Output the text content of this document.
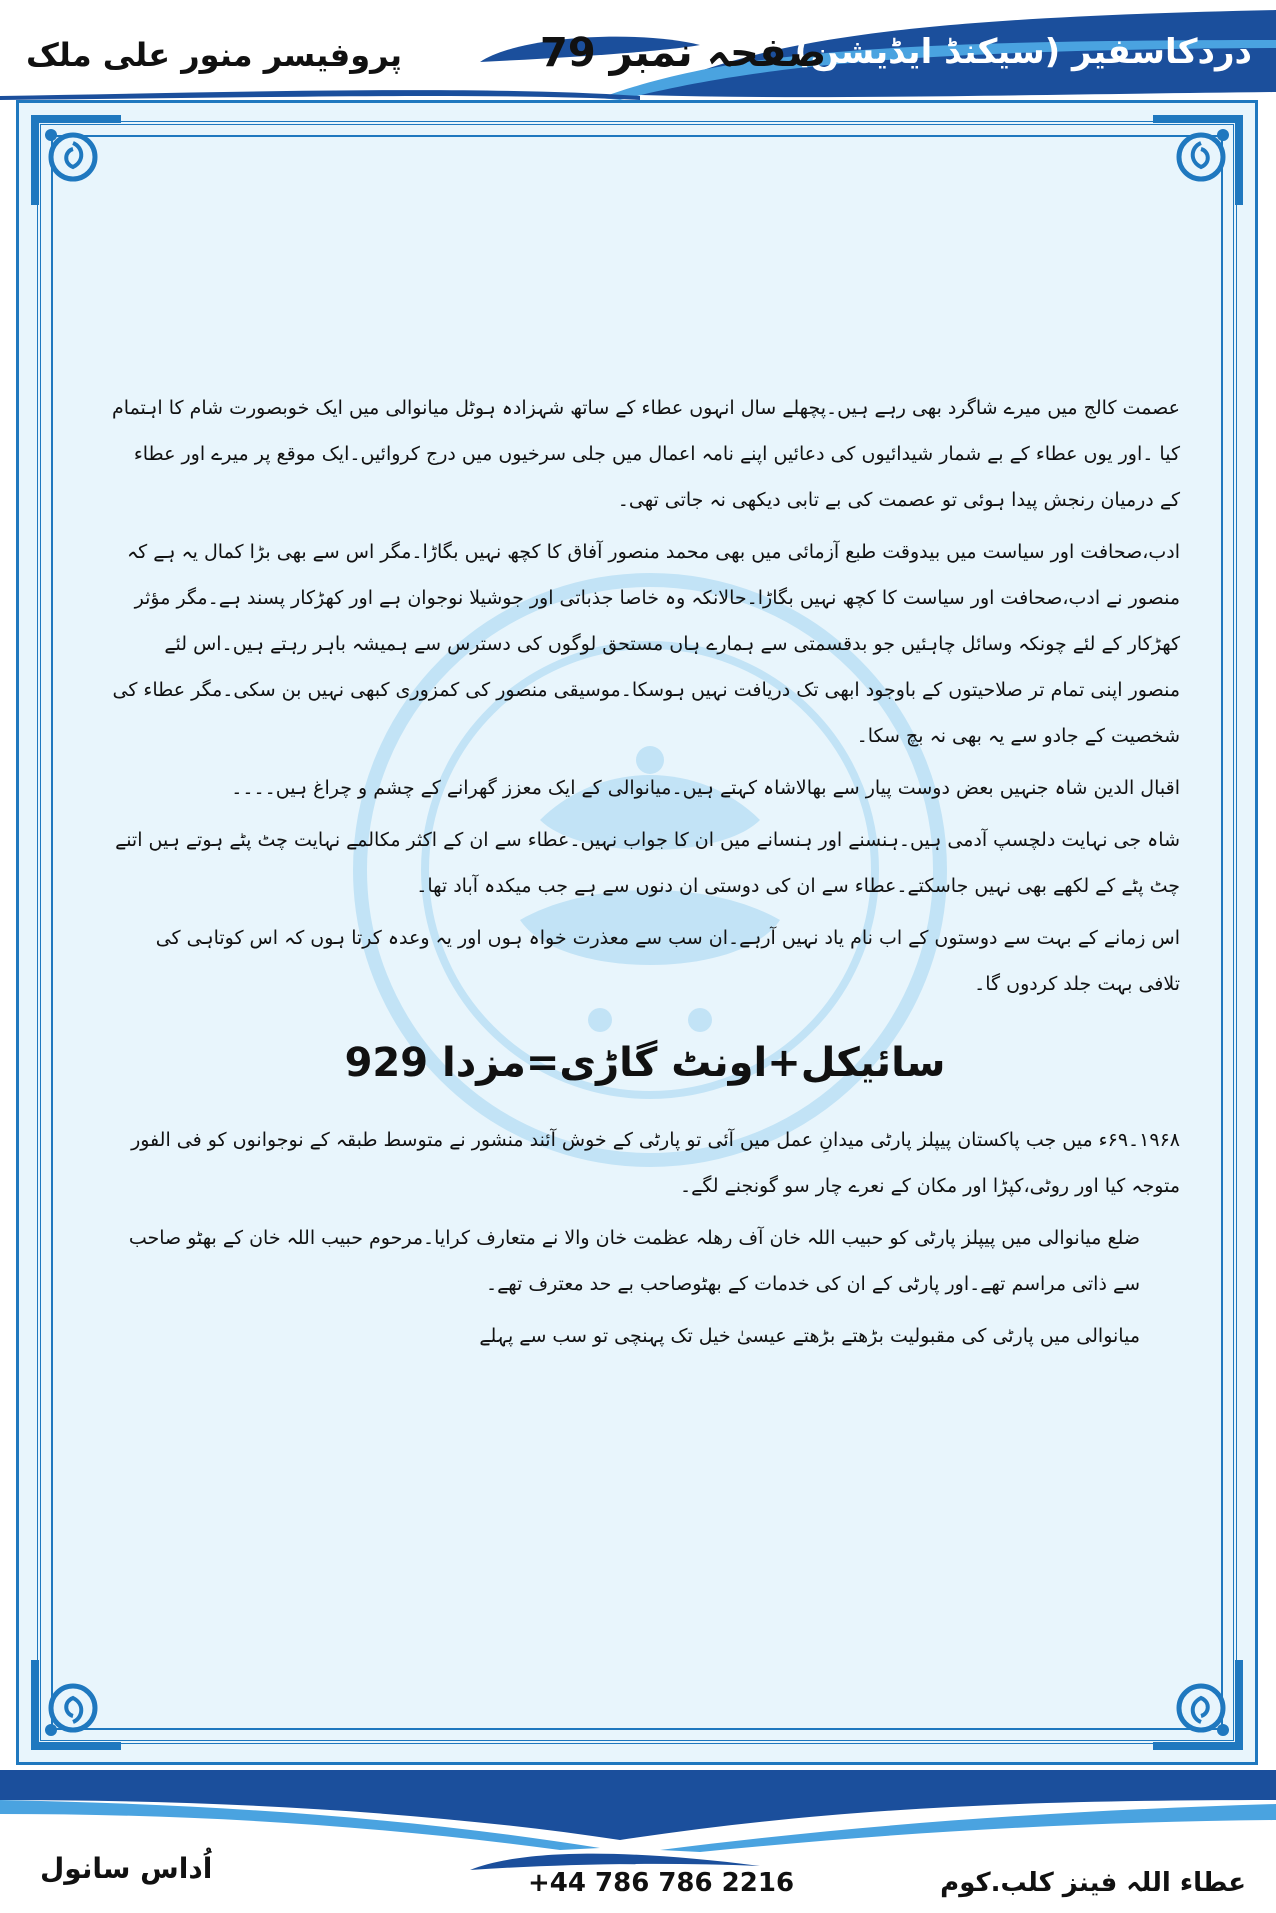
دردکاسفیر (سیکنڈ ایڈیشن)
صفحہ نمبر 79
پروفیسر منور علی ملک

عصمت کالج میں میرے شاگرد بھی رہے ہیں۔پچھلے سال انہوں عطاء کے ساتھ شہزادہ ہوٹل میانوالی میں ایک خوبصورت شام کا اہتمام کیا ۔اور یوں عطاء کے بے شمار شیدائیوں کی دعائیں اپنے نامہ اعمال میں جلی سرخیوں میں درج کروائیں۔ایک موقع پر میرے اور عطاء کے درمیان رنجش پیدا ہوئی تو عصمت کی بے تابی دیکھی نہ جاتی تھی۔

ادب،صحافت اور سیاست میں بیدوقت طبع آزمائی میں بھی محمد منصور آفاق کا کچھ نہیں بگاڑا۔مگر اس سے بھی بڑا کمال یہ ہے کہ منصور نے ادب،صحافت اور سیاست کا کچھ نہیں بگاڑا۔حالانکہ وہ خاصا جذباتی اور جوشیلا نوجوان ہے اور کھڑکار پسند ہے۔مگر مؤثر کھڑکار کے لئے چونکہ وسائل چاہئیں جو بدقسمتی سے ہمارے ہاں مستحق لوگوں کی دسترس سے ہمیشہ باہر رہتے ہیں۔اس لئے منصور اپنی تمام تر صلاحیتوں کے باوجود ابھی تک دریافت نہیں ہوسکا۔موسیقی منصور کی کمزوری کبھی نہیں بن سکی۔مگر عطاء کی شخصیت کے جادو سے یہ بھی نہ بچ سکا۔

اقبال الدین شاہ جنہیں بعض دوست پیار سے بھالاشاہ کہتے ہیں۔میانوالی کے ایک معزز گھرانے کے چشم و چراغ ہیں۔۔۔۔

شاہ جی نہایت دلچسپ آدمی ہیں۔ہنسنے اور ہنسانے میں ان کا جواب نہیں۔عطاء سے ان کے اکثر مکالمے نہایت چٹ پٹے ہوتے ہیں اتنے چٹ پٹے کے لکھے بھی نہیں جاسکتے۔عطاء سے ان کی دوستی ان دنوں سے ہے جب میکدہ آباد تھا۔

اس زمانے کے بہت سے دوستوں کے اب نام یاد نہیں آرہے۔ان سب سے معذرت خواہ ہوں اور یہ وعدہ کرتا ہوں کہ اس کوتاہی کی تلافی بہت جلد کردوں گا۔

سائیکل+اونٹ گاڑی=مزدا 929

۱۹۶۸۔۶۹ء میں جب پاکستان پیپلز پارٹی میدانِ عمل میں آئی تو پارٹی کے خوش آئند منشور نے متوسط طبقہ کے نوجوانوں کو فی الفور متوجہ کیا اور روٹی،کپڑا اور مکان کے نعرے چار سو گونجنے لگے۔

ضلع میانوالی میں پیپلز پارٹی کو حبیب اللہ خان آف رھلہ عظمت خان والا نے متعارف کرایا۔مرحوم حبیب اللہ خان کے بھٹو صاحب سے ذاتی مراسم تھے۔اور پارٹی کے ان کی خدمات کے بھٹوصاحب بے حد معترف تھے۔

میانوالی میں پارٹی کی مقبولیت بڑھتے بڑھتے عیسیٰ خیل تک پہنچی تو سب سے پہلے

اُداس سانول	+44 786 786 2216	عطاء اللہ فینز کلب.کوم
